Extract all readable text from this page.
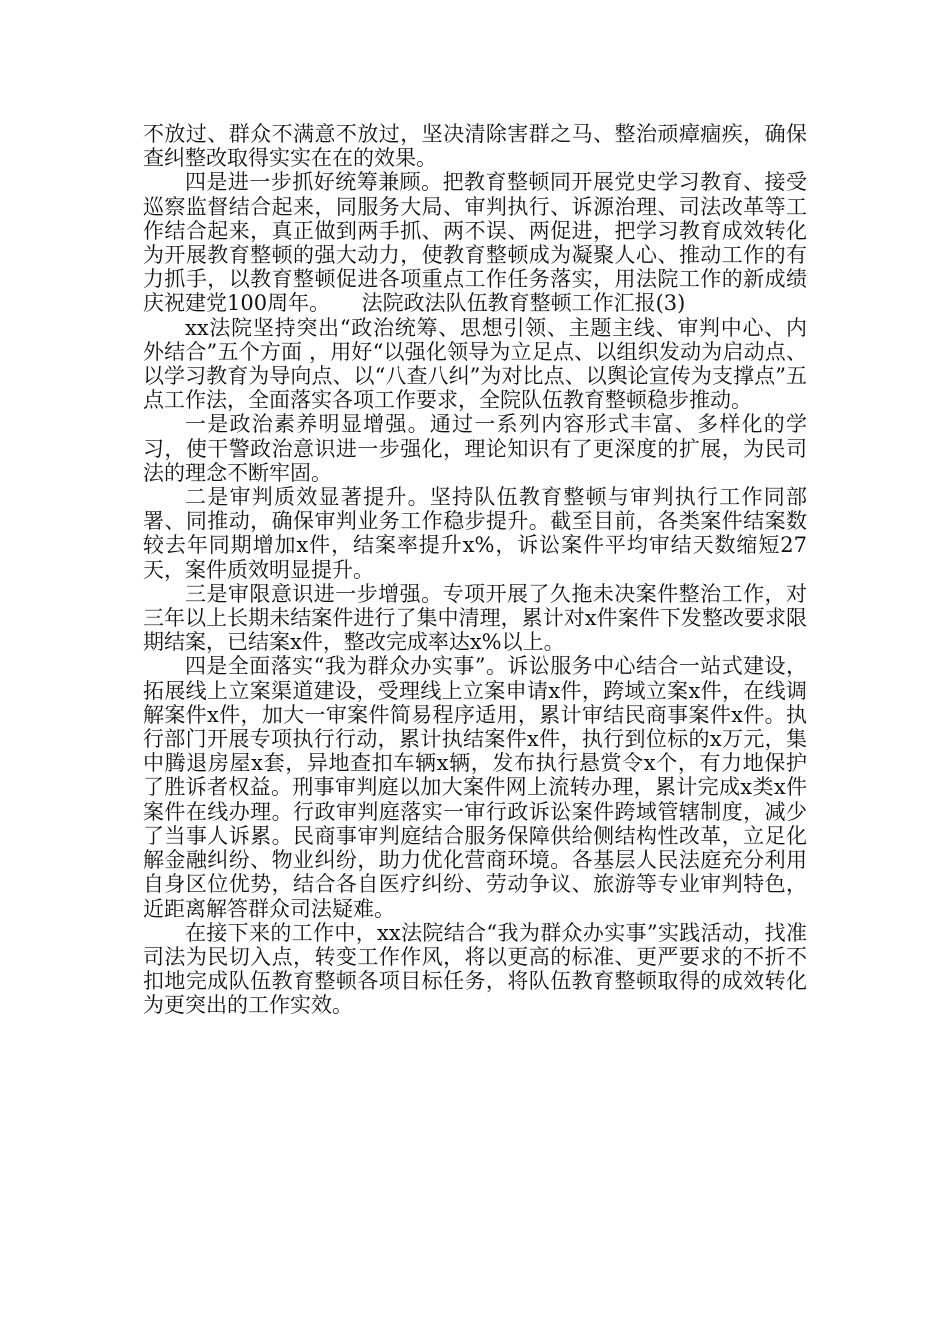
不放过、群众不满意不放过，坚决清除害群之马、整治顽瘴痼疾，确保查纠整改取得实实在在的效果。

四是进一步抓好统筹兼顾。把教育整顿同开展党史学习教育、接受巡察监督结合起来，同服务大局、审判执行、诉源治理、司法改革等工作结合起来，真正做到两手抓、两不误、两促进，把学习教育成效转化为开展教育整顿的强大动力，使教育整顿成为凝聚人心、推动工作的有力抓手，以教育整顿促进各项重点工作任务落实，用法院工作的新成绩庆祝建党100周年。　　法院政法队伍教育整顿工作汇报(3)

xx法院坚持突出“政治统筹、思想引领、主题主线、审判中心、内外结合”五个方面 ，用好“以强化领导为立足点、以组织发动为启动点、以学习教育为导向点、以“八查八纠”为对比点、以舆论宣传为支撑点”五点工作法，全面落实各项工作要求，全院队伍教育整顿稳步推动。

一是政治素养明显增强。通过一系列内容形式丰富、多样化的学习，使干警政治意识进一步强化，理论知识有了更深度的扩展，为民司法的理念不断牢固。

二是审判质效显著提升。坚持队伍教育整顿与审判执行工作同部署、同推动，确保审判业务工作稳步提升。截至目前，各类案件结案数较去年同期增加x件，结案率提升x%，诉讼案件平均审结天数缩短27天，案件质效明显提升。

三是审限意识进一步增强。专项开展了久拖未决案件整治工作，对三年以上长期未结案件进行了集中清理，累计对x件案件下发整改要求限期结案，已结案x件，整改完成率达x%以上。

四是全面落实“我为群众办实事”。诉讼服务中心结合一站式建设，拓展线上立案渠道建设，受理线上立案申请x件，跨域立案x件，在线调解案件x件，加大一审案件简易程序适用，累计审结民商事案件x件。执行部门开展专项执行行动，累计执结案件x件，执行到位标的x万元，集中腾退房屋x套，异地查扣车辆x辆，发布执行悬赏令x个，有力地保护了胜诉者权益。刑事审判庭以加大案件网上流转办理，累计完成x类x件案件在线办理。行政审判庭落实一审行政诉讼案件跨域管辖制度，减少了当事人诉累。民商事审判庭结合服务保障供给侧结构性改革，立足化解金融纠纷、物业纠纷，助力优化营商环境。各基层人民法庭充分利用自身区位优势，结合各自医疗纠纷、劳动争议、旅游等专业审判特色，近距离解答群众司法疑难。

在接下来的工作中，xx法院结合“我为群众办实事”实践活动，找准司法为民切入点，转变工作作风，将以更高的标准、更严要求的不折不扣地完成队伍教育整顿各项目标任务，将队伍教育整顿取得的成效转化为更突出的工作实效。
